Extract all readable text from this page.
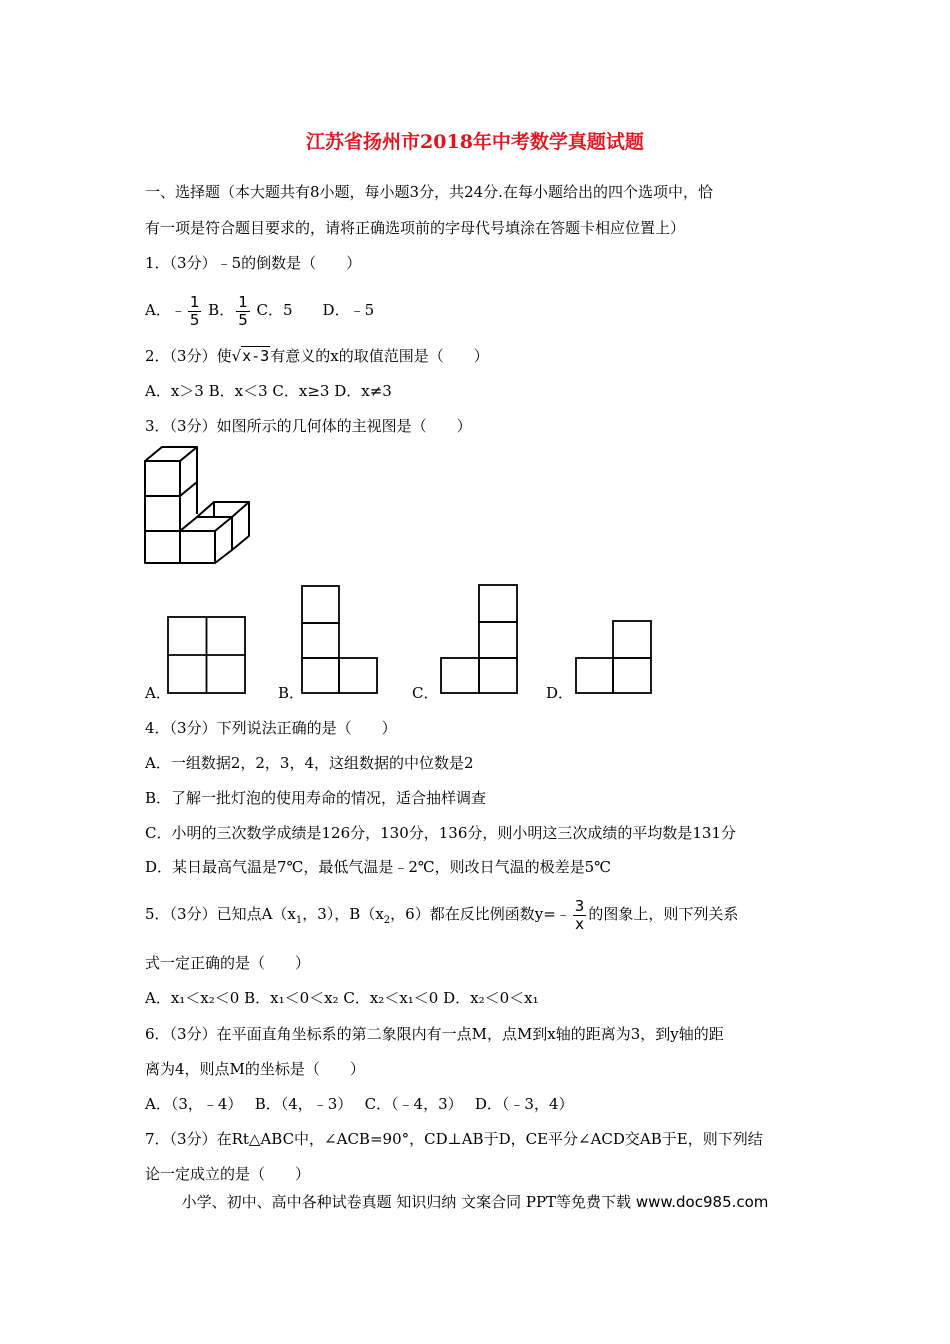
江苏省扬州市2018年中考数学真题试题
一、选择题（本大题共有8小题，每小题3分，共24分.在每小题给出的四个选项中，恰
有一项是符合题目要求的，请将正确选项前的字母代号填涂在答题卡相应位置上）
1．（3分）﹣5的倒数是（　　）
A．﹣ $\frac{1}{5}$ B． $\frac{1}{5}$ C．5　　D．﹣5
2．（3分）使√x-3有意义的x的取值范围是（　　）
A．x＞3 B．x＜3 C．x≥3 D．x≠3
3．（3分）如图所示的几何体的主视图是（　　）
A．	B．	C．	D．
4．（3分）下列说法正确的是（　　）
A．一组数据2，2，3，4，这组数据的中位数是2
B．了解一批灯泡的使用寿命的情况，适合抽样调查
C．小明的三次数学成绩是126分，130分，136分，则小明这三次成绩的平均数是131分
D．某日最高气温是7℃，最低气温是﹣2℃，则改日气温的极差是5℃
5．（3分）已知点$A(x_1$，3），$B(x_2$，6）都在反比例函数y=﹣ $\frac{3}{x}$ 的图象上，则下列关系
式一定正确的是（　　）
A．x₁＜x₂＜0 B．x₁＜0＜x₂ C．x₂＜x₁＜0 D．x₂＜0＜x₁
6．（3分）在平面直角坐标系的第二象限内有一点M，点M到x轴的距离为3，到y轴的距
离为4，则点M的坐标是（　　）
A．（3，﹣4）　 B．（4，﹣3）　 C．（﹣4，3）　 D．（﹣3，4）
7．（3分）在Rt△ABC中，∠ACB=90°，CD⊥AB于D，CE平分∠ACD交AB于E，则下列结
论一定成立的是（　　）
小学、初中、高中各种试卷真题 知识归纳 文案合同 PPT等免费下载 www.doc985.com
